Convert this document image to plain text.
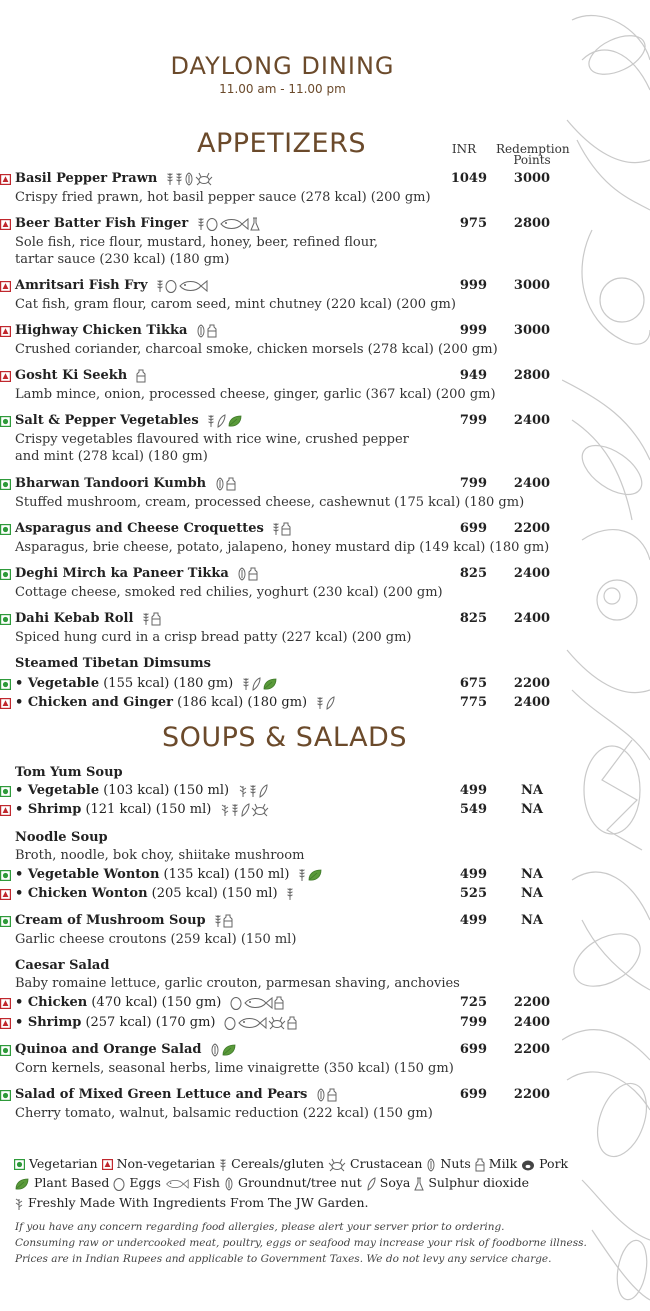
DAYLONG DINING
11.00 am - 11.00 pm
APPETIZERS	INR Redemption Points
Basil Pepper Prawn	1049	3000
Crispy fried prawn, hot basil pepper sauce (278 kcal) (200 gm)
Beer Batter Fish Finger	975	2800
Sole fish, rice flour, mustard, honey, beer, refined flour,
tartar sauce (230 kcal) (180 gm)
Amritsari Fish Fry	999	3000
Cat fish, gram flour, carom seed, mint chutney (220 kcal) (200 gm)
Highway Chicken Tikka	999	3000
Crushed coriander, charcoal smoke, chicken morsels (278 kcal) (200 gm)
Gosht Ki Seekh	949	2800
Lamb mince, onion, processed cheese, ginger, garlic (367 kcal) (200 gm)
Salt & Pepper Vegetables	799	2400
Crispy vegetables flavoured with rice wine, crushed pepper
and mint (278 kcal) (180 gm)
Bharwan Tandoori Kumbh	799	2400
Stuffed mushroom, cream, processed cheese, cashewnut (175 kcal) (180 gm)
Asparagus and Cheese Croquettes	699	2200
Asparagus, brie cheese, potato, jalapeno, honey mustard dip (149 kcal) (180 gm)
Deghi Mirch ka Paneer Tikka	825	2400
Cottage cheese, smoked red chilies, yoghurt (230 kcal) (200 gm)
Dahi Kebab Roll	825	2400
Spiced hung curd in a crisp bread patty (227 kcal) (200 gm)
Steamed Tibetan Dimsums
• Vegetable (155 kcal) (180 gm)	675	2200
• Chicken and Ginger (186 kcal) (180 gm)	775	2400
SOUPS & SALADS
Tom Yum Soup
• Vegetable (103 kcal) (150 ml)	499	NA
• Shrimp (121 kcal) (150 ml)	549	NA
Noodle Soup
Broth, noodle, bok choy, shiitake mushroom
• Vegetable Wonton (135 kcal) (150 ml)	499	NA
• Chicken Wonton (205 kcal) (150 ml)	525	NA
Cream of Mushroom Soup	499	NA
Garlic cheese croutons (259 kcal) (150 ml)
Caesar Salad
Baby romaine lettuce, garlic crouton, parmesan shaving, anchovies
• Chicken (470 kcal) (150 gm)	725	2200
• Shrimp (257 kcal) (170 gm)	799	2400
Quinoa and Orange Salad	699	2200
Corn kernels, seasonal herbs, lime vinaigrette (350 kcal) (150 gm)
Salad of Mixed Green Lettuce and Pears	699	2200
Cherry tomato, walnut, balsamic reduction (222 kcal) (150 gm)
Vegetarian Non-vegetarian Cereals/gluten Crustacean Nuts Milk Pork
Plant Based Eggs	Fish Groundnut/tree nut Soya Sulphur dioxide
Freshly Made With Ingredients From The JW Garden.
If you have any concern regarding food allergies, please alert your server prior to ordering.
Consuming raw or undercooked meat, poultry, eggs or seafood may increase your risk of foodborne illness.
Prices are in Indian Rupees and applicable to Government Taxes. We do not levy any service charge.
